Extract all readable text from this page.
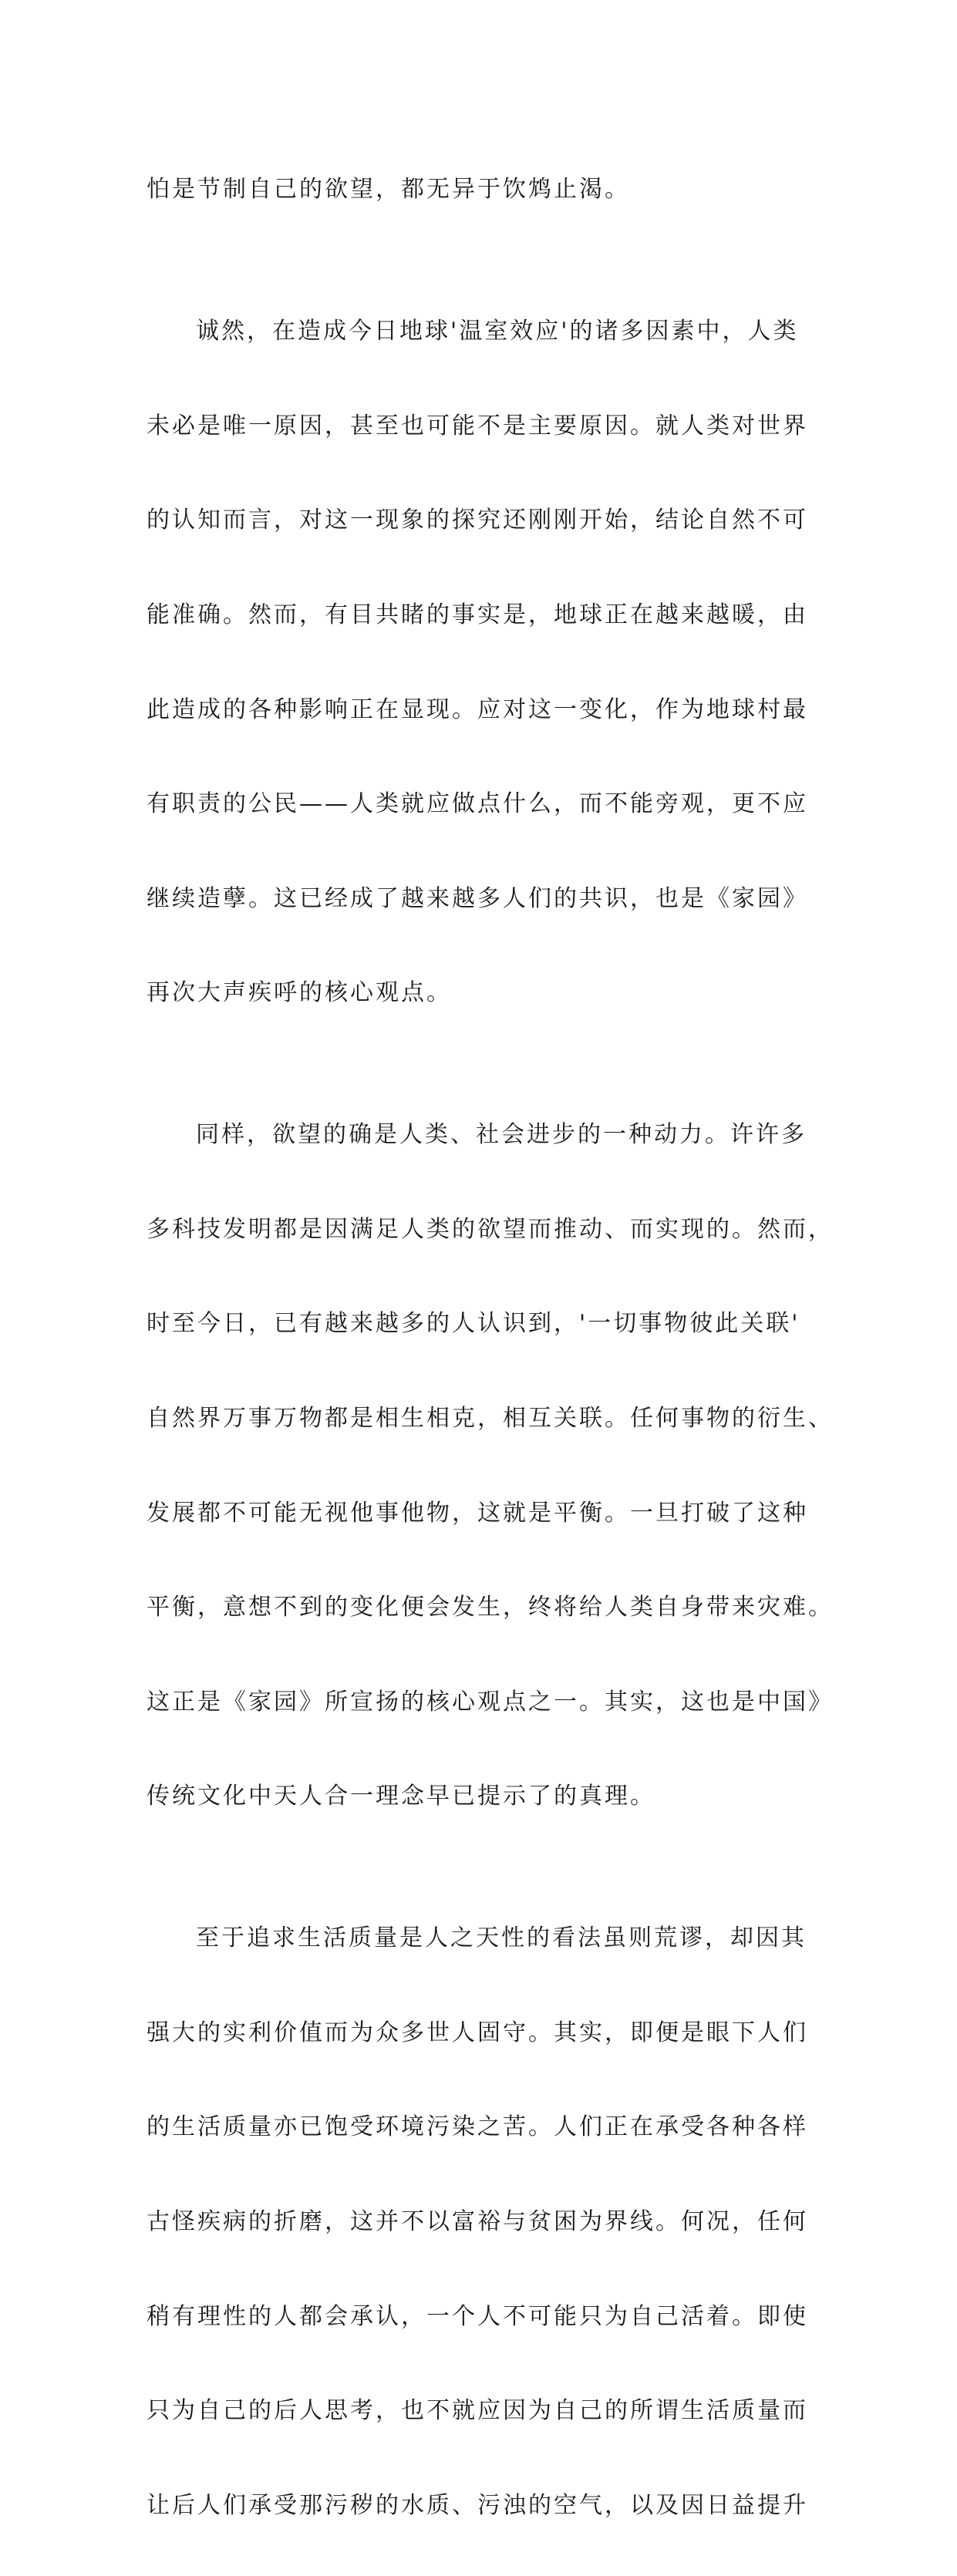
怕是节制自己的欲望，都无异于饮鸩止渴。

诚然，在造成今日地球'温室效应'的诸多因素中，人类

未必是唯一原因，甚至也可能不是主要原因。就人类对世界

的认知而言，对这一现象的探究还刚刚开始，结论自然不可

能准确。然而，有目共睹的事实是，地球正在越来越暖，由

此造成的各种影响正在显现。应对这一变化，作为地球村最

有职责的公民——人类就应做点什么，而不能旁观，更不应

继续造孽。这已经成了越来越多人们的共识，也是《家园》

再次大声疾呼的核心观点。

同样，欲望的确是人类、社会进步的一种动力。许许多

多科技发明都是因满足人类的欲望而推动、而实现的。然而，

时至今日，已有越来越多的人认识到，'一切事物彼此关联'

自然界万事万物都是相生相克，相互关联。任何事物的衍生、

发展都不可能无视他事他物，这就是平衡。一旦打破了这种

平衡，意想不到的变化便会发生，终将给人类自身带来灾难。

这正是《家园》所宣扬的核心观点之一。其实，这也是中国》

传统文化中天人合一理念早已提示了的真理。

至于追求生活质量是人之天性的看法虽则荒谬，却因其

强大的实利价值而为众多世人固守。其实，即便是眼下人们

的生活质量亦已饱受环境污染之苦。人们正在承受各种各样

古怪疾病的折磨，这并不以富裕与贫困为界线。何况，任何

稍有理性的人都会承认，一个人不可能只为自己活着。即使

只为自己的后人思考，也不就应因为自己的所谓生活质量而

让后人们承受那污秽的水质、污浊的空气，以及因日益提升
